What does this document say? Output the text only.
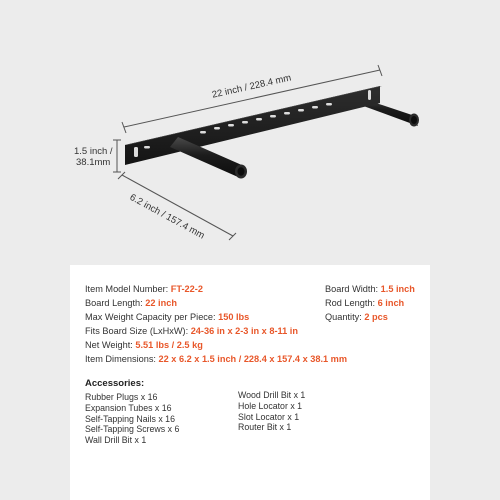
22 inch / 228.4 mm
1.5 inch /
38.1mm
6.2 inch / 157.4 mm
Item Model Number: FT-22-2
Board Length: 22 inch
Max Weight Capacity per Piece: 150 lbs
Fits Board Size (LxHxW): 24-36 in x 2-3 in x 8-11 in
Net Weight: 5.51 lbs / 2.5 kg
Item Dimensions: 22 x 6.2 x 1.5 inch / 228.4 x 157.4 x 38.1 mm
Board Width: 1.5 inch
Rod Length: 6 inch
Quantity: 2 pcs
Accessories:
Rubber Plugs x 16
Expansion Tubes x 16
Self-Tapping Nails x 16
Self-Tapping Screws x 6
Wall Drill Bit x 1
Wood Drill Bit x 1
Hole Locator x 1
Slot Locator x 1
Router Bit x 1
